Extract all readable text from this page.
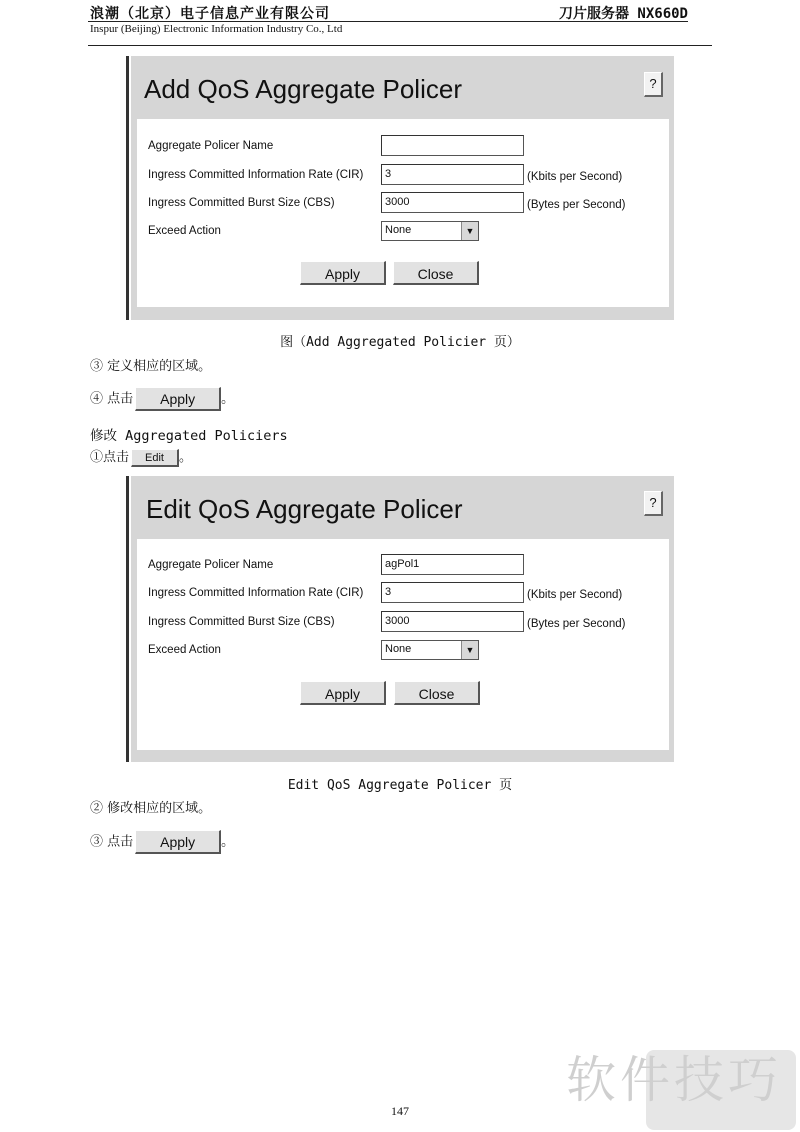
浪潮（北京）电子信息产业有限公司	刀片服务器 NX660D
Inspur (Beijing) Electronic Information Industry Co., Ltd
Add QoS Aggregate Policer	?
Aggregate Policer Name
Ingress Committed Information Rate (CIR)	3	(Kbits per Second)
Ingress Committed Burst Size (CBS)	3000	(Bytes per Second)
Exceed Action	None	▼
Apply	Close
图（Add Aggregated Policier 页）
③ 定义相应的区域。
④ 点击 Apply 。
修改 Aggregated Policiers
①点击 Edit 。
Edit QoS Aggregate Policer	?
Aggregate Policer Name	agPol1
Ingress Committed Information Rate (CIR)	3	(Kbits per Second)
Ingress Committed Burst Size (CBS)	3000	(Bytes per Second)
Exceed Action	None	▼
Apply	Close
Edit QoS Aggregate Policer 页
② 修改相应的区域。
③ 点击 Apply 。
软件技巧
147
